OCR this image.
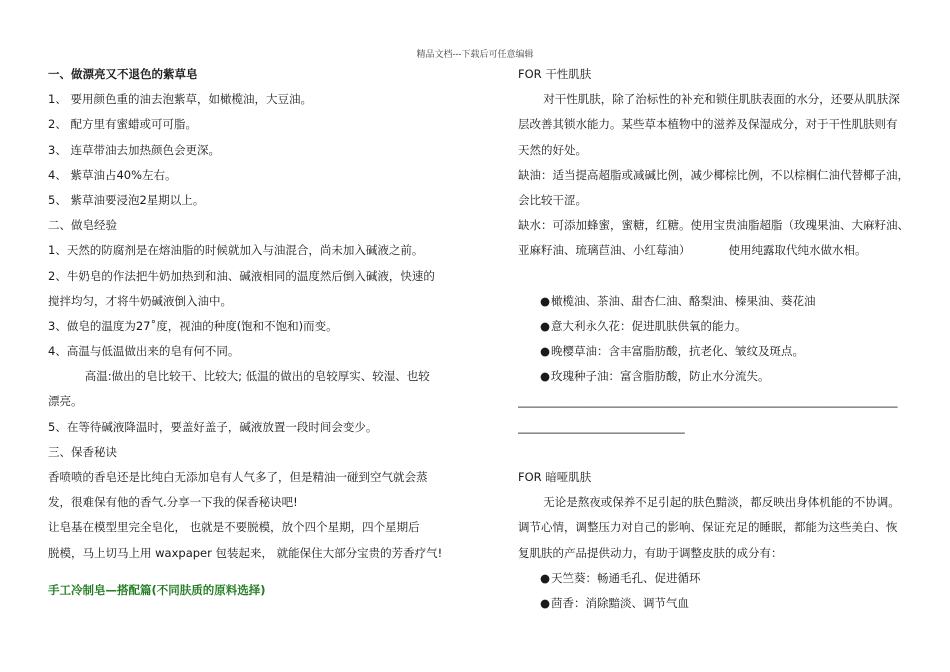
精品文档---下载后可任意编辑
一、做漂亮又不退色的紫草皂
1、 要用颜色重的油去泡紫草，如橄榄油，大豆油。
2、 配方里有蜜蜡或可可脂。
3、 连草带油去加热颜色会更深。
4、 紫草油占40%左右。
5、 紫草油要浸泡2星期以上。
二、做皂经验
1、天然的防腐剂是在熔油脂的时候就加入与油混合，尚未加入碱液之前。
2、牛奶皂的作法把牛奶加热到和油、碱液相同的温度然后倒入碱液，快速的
搅拌均匀，才将牛奶碱液倒入油中。
3、做皂的温度为27˚度，视油的种度(饱和不饱和)而变。
4、高温与低温做出来的皂有何不同。
高温:做出的皂比较干、比较大; 低温的做出的皂较厚实、较湿、也较
漂亮。
5、在等待碱液降温时，要盖好盖子，碱液放置一段时间会变少。
三、保香秘诀
香喷喷的香皂还是比纯白无添加皂有人气多了，但是精油一碰到空气就会蒸
发，很难保有他的香气.分享一下我的保香秘诀吧!
让皂基在模型里完全皂化， 也就是不要脱模，放个四个星期，四个星期后
脱模，马上切马上用 waxpaper 包装起来， 就能保住大部分宝贵的芳香疗气!
手工冷制皂—搭配篇(不同肤质的原料选择)
FOR 干性肌肤
对干性肌肤，除了治标性的补充和锁住肌肤表面的水分，还要从肌肤深
层改善其锁水能力。某些草本植物中的滋养及保湿成分，对于干性肌肤则有
天然的好处。
缺油：适当提高超脂或减碱比例，减少椰棕比例，不以棕榈仁油代替椰子油，
会比较干涩。
缺水：可添加蜂蜜，蜜糖，红糖。使用宝贵油脂超脂（玫瑰果油、大麻籽油、
亚麻籽油、琉璃苣油、小红莓油）	使用纯露取代纯水做水相。
●橄榄油、茶油、甜杏仁油、酪梨油、榛果油、葵花油
●意大利永久花：促进肌肤供氧的能力。
●晚樱草油：含丰富脂肪酸，抗老化、皱纹及斑点。
●玫瑰种子油：富含脂肪酸，防止水分流失。
__________________________________________________________________
_____________________________
FOR 暗哑肌肤
无论是熬夜或保养不足引起的肤色黯淡，都反映出身体机能的不协调。
调节心情，调整压力对自己的影响、保证充足的睡眠，都能为这些美白、恢
复肌肤的产品提供动力，有助于调整皮肤的成分有：
●天竺葵：畅通毛孔、促进循环
●茴香：消除黯淡、调节气血
